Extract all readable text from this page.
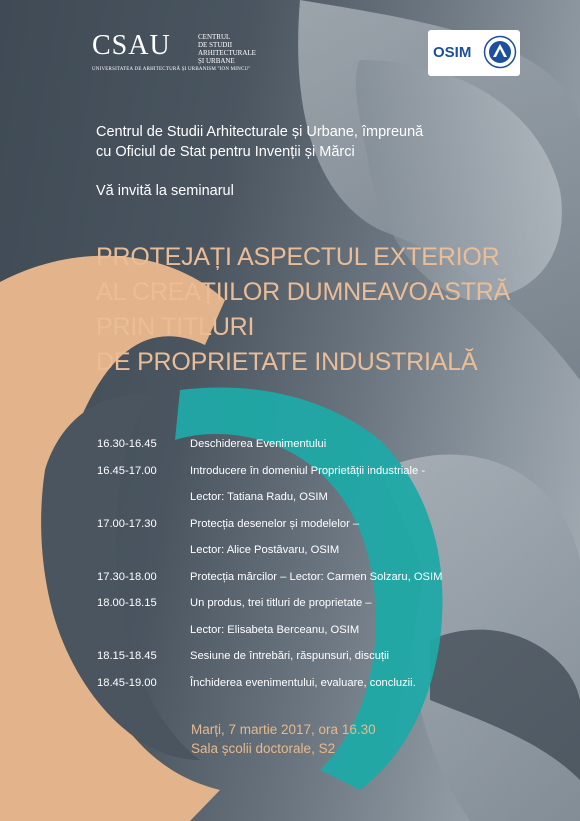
CSAU	CENTRUL
DE STUDII
ARHITECTURALE
ȘI URBANE
UNIVERSITATEA DE ARHITECTURĂ ȘI URBANISM "ION MINCU"
OSIM
Centrul de Studii Arhitecturale și Urbane, împreună
cu Oficiul de Stat pentru Invenții și Mărci
Vă invită la seminarul
PROTEJAȚI ASPECTUL EXTERIOR
AL CREAȚIILOR DUMNEAVOASTRĂ
PRIN TITLURI
DE PROPRIETATE INDUSTRIALĂ
16.30-16.45	Deschiderea Evenimentului
16.45-17.00	Introducere în domeniul Proprietății industriale -
Lector: Tatiana Radu, OSIM
17.00-17.30	Protecția desenelor și modelelor –
Lector: Alice Postăvaru, OSIM
17.30-18.00	Protecția mărcilor – Lector: Carmen Solzaru, OSIM
18.00-18.15	Un produs, trei titluri de proprietate –
Lector: Elisabeta Berceanu, OSIM
18.15-18.45	Sesiune de întrebări, răspunsuri, discuții
18.45-19.00	Închiderea evenimentului, evaluare, concluzii.
Marți, 7 martie 2017, ora 16.30
Sala școlii doctorale, S2
